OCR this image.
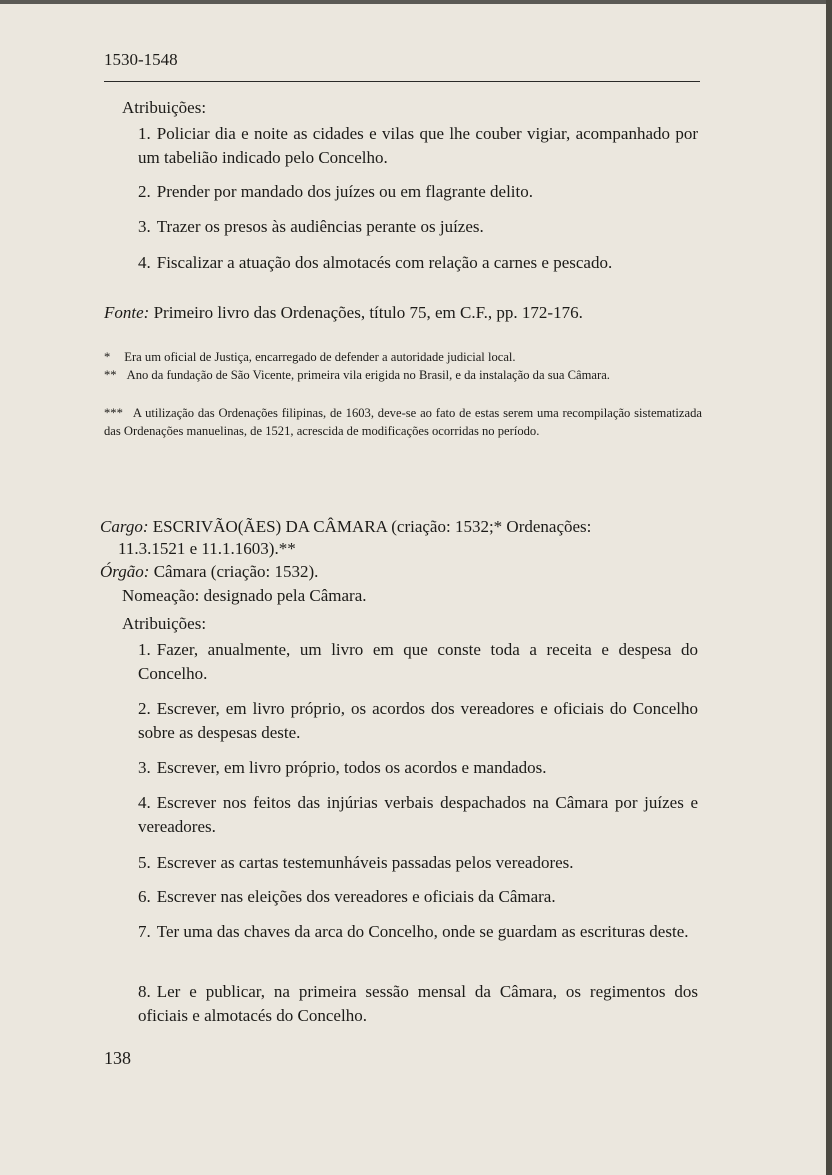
1530-1548
Atribuições:
1. Policiar dia e noite as cidades e vilas que lhe couber vigiar, acompanhado por um tabelião indicado pelo Concelho.
2. Prender por mandado dos juízes ou em flagrante delito.
3. Trazer os presos às audiências perante os juízes.
4. Fiscalizar a atuação dos almotacés com relação a carnes e pescado.
Fonte: Primeiro livro das Ordenações, título 75, em C.F., pp. 172-176.
* Era um oficial de Justiça, encarregado de defender a autoridade judicial local.
** Ano da fundação de São Vicente, primeira vila erigida no Brasil, e da instalação da sua Câmara.
*** A utilização das Ordenações filipinas, de 1603, deve-se ao fato de estas serem uma recompilação sistematizada das Ordenações manuelinas, de 1521, acrescida de modificações ocorridas no período.
Cargo: ESCRIVÃO(ÃES) DA CÂMARA (criação: 1532;* Ordenações:
11.3.1521 e 11.1.1603).**
Órgão: Câmara (criação: 1532).
Nomeação: designado pela Câmara.
Atribuições:
1. Fazer, anualmente, um livro em que conste toda a receita e despesa do Concelho.
2. Escrever, em livro próprio, os acordos dos vereadores e oficiais do Concelho sobre as despesas deste.
3. Escrever, em livro próprio, todos os acordos e mandados.
4. Escrever nos feitos das injúrias verbais despachados na Câmara por juízes e vereadores.
5. Escrever as cartas testemunháveis passadas pelos vereadores.
6. Escrever nas eleições dos vereadores e oficiais da Câmara.
7. Ter uma das chaves da arca do Concelho, onde se guardam as escrituras deste.
8. Ler e publicar, na primeira sessão mensal da Câmara, os regimentos dos oficiais e almotacés do Concelho.
138
